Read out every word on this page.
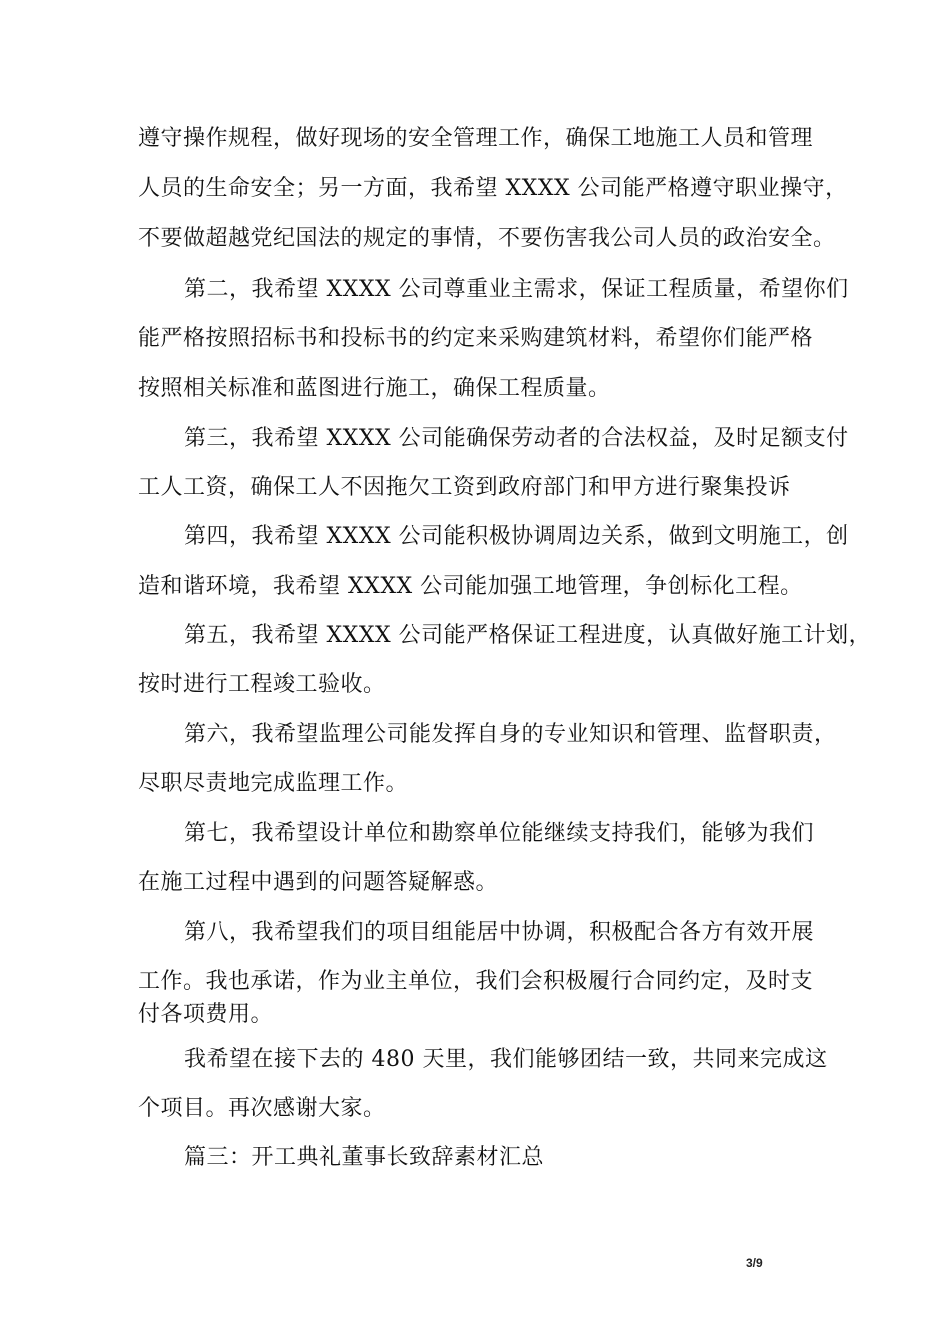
遵守操作规程，做好现场的安全管理工作，确保工地施工人员和管理
人员的生命安全；另一方面，我希望 XXXX 公司能严格遵守职业操守，
不要做超越党纪国法的规定的事情，不要伤害我公司人员的政治安全。
第二，我希望 XXXX 公司尊重业主需求，保证工程质量，希望你们
能严格按照招标书和投标书的约定来采购建筑材料，希望你们能严格
按照相关标准和蓝图进行施工，确保工程质量。
第三，我希望 XXXX 公司能确保劳动者的合法权益，及时足额支付
工人工资，确保工人不因拖欠工资到政府部门和甲方进行聚集投诉
第四，我希望 XXXX 公司能积极协调周边关系，做到文明施工，创
造和谐环境，我希望 XXXX 公司能加强工地管理，争创标化工程。
第五，我希望 XXXX 公司能严格保证工程进度，认真做好施工计划，
按时进行工程竣工验收。
第六，我希望监理公司能发挥自身的专业知识和管理、监督职责，
尽职尽责地完成监理工作。
第七，我希望设计单位和勘察单位能继续支持我们，能够为我们
在施工过程中遇到的问题答疑解惑。
第八，我希望我们的项目组能居中协调，积极配合各方有效开展
工作。我也承诺，作为业主单位，我们会积极履行合同约定，及时支
付各项费用。
我希望在接下去的 480 天里，我们能够团结一致，共同来完成这
个项目。再次感谢大家。
篇三：开工典礼董事长致辞素材汇总
3/9
